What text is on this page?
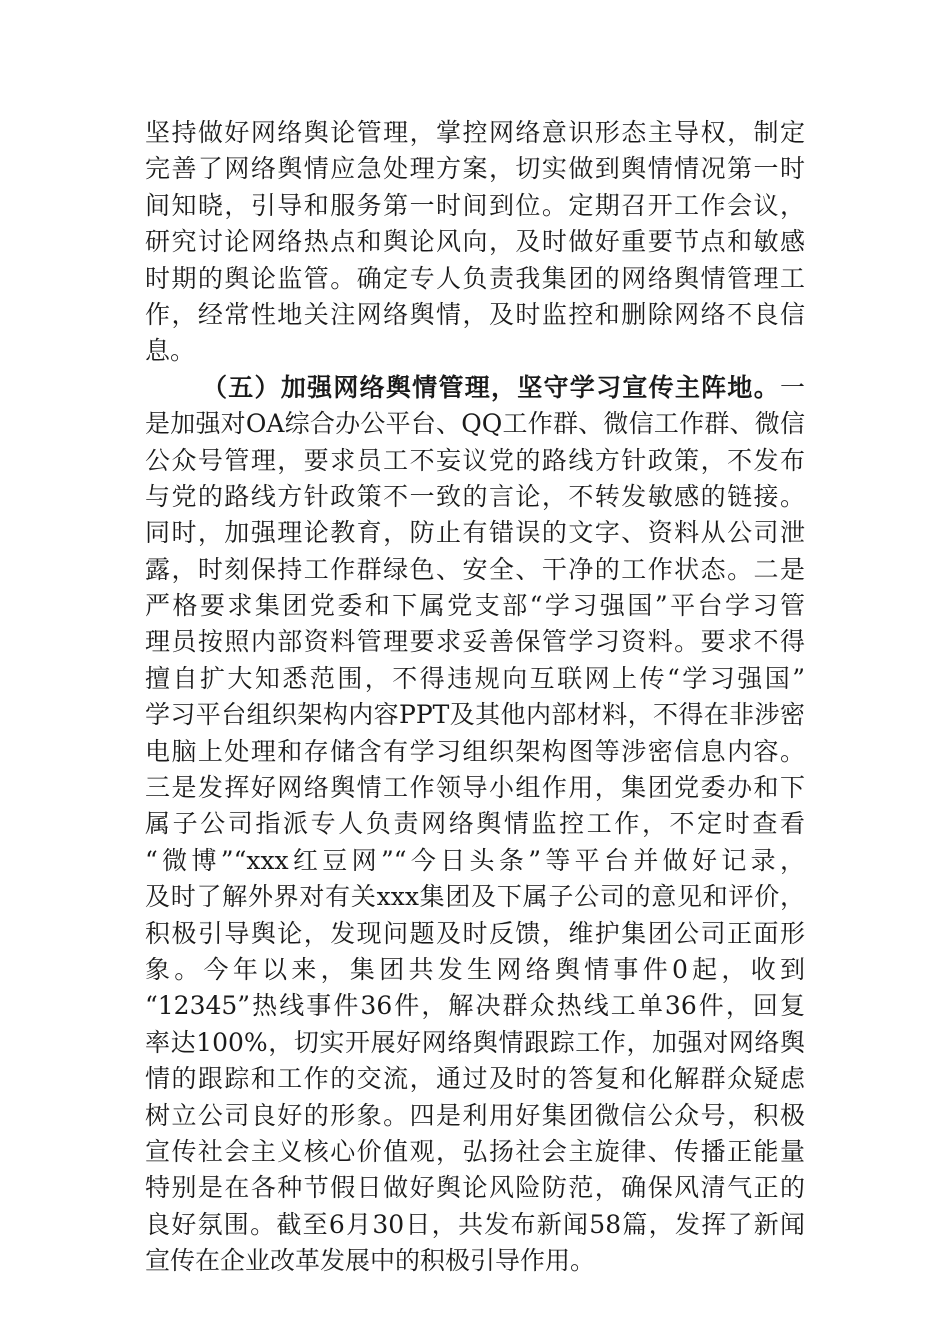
坚持做好网络舆论管理，掌控网络意识形态主导权，制定
完善了网络舆情应急处理方案，切实做到舆情情况第一时
间知晓，引导和服务第一时间到位。定期召开工作会议，
研究讨论网络热点和舆论风向，及时做好重要节点和敏感
时期的舆论监管。确定专人负责我集团的网络舆情管理工
作，经常性地关注网络舆情，及时监控和删除网络不良信
息。
（五）加强网络舆情管理，坚守学习宣传主阵地。一
是加强对OA综合办公平台、QQ工作群、微信工作群、微信
公众号管理，要求员工不妄议党的路线方针政策，不发布
与党的路线方针政策不一致的言论，不转发敏感的链接。
同时，加强理论教育，防止有错误的文字、资料从公司泄
露，时刻保持工作群绿色、安全、干净的工作状态。二是
严格要求集团党委和下属党支部“学习强国”平台学习管
理员按照内部资料管理要求妥善保管学习资料。要求不得
擅自扩大知悉范围，不得违规向互联网上传“学习强国”
学习平台组织架构内容PPT及其他内部材料，不得在非涉密
电脑上处理和存储含有学习组织架构图等涉密信息内容。
三是发挥好网络舆情工作领导小组作用，集团党委办和下
属子公司指派专人负责网络舆情监控工作，不定时查看
“微博”“xxx红豆网”“今日头条”等平台并做好记录，
及时了解外界对有关xxx集团及下属子公司的意见和评价，
积极引导舆论，发现问题及时反馈，维护集团公司正面形
象。今年以来，集团共发生网络舆情事件0起，收到
“12345”热线事件36件，解决群众热线工单36件，回复
率达100%，切实开展好网络舆情跟踪工作，加强对网络舆
情的跟踪和工作的交流，通过及时的答复和化解群众疑虑
树立公司良好的形象。四是利用好集团微信公众号，积极
宣传社会主义核心价值观，弘扬社会主旋律、传播正能量
特别是在各种节假日做好舆论风险防范，确保风清气正的
良好氛围。截至6月30日，共发布新闻58篇，发挥了新闻
宣传在企业改革发展中的积极引导作用。
